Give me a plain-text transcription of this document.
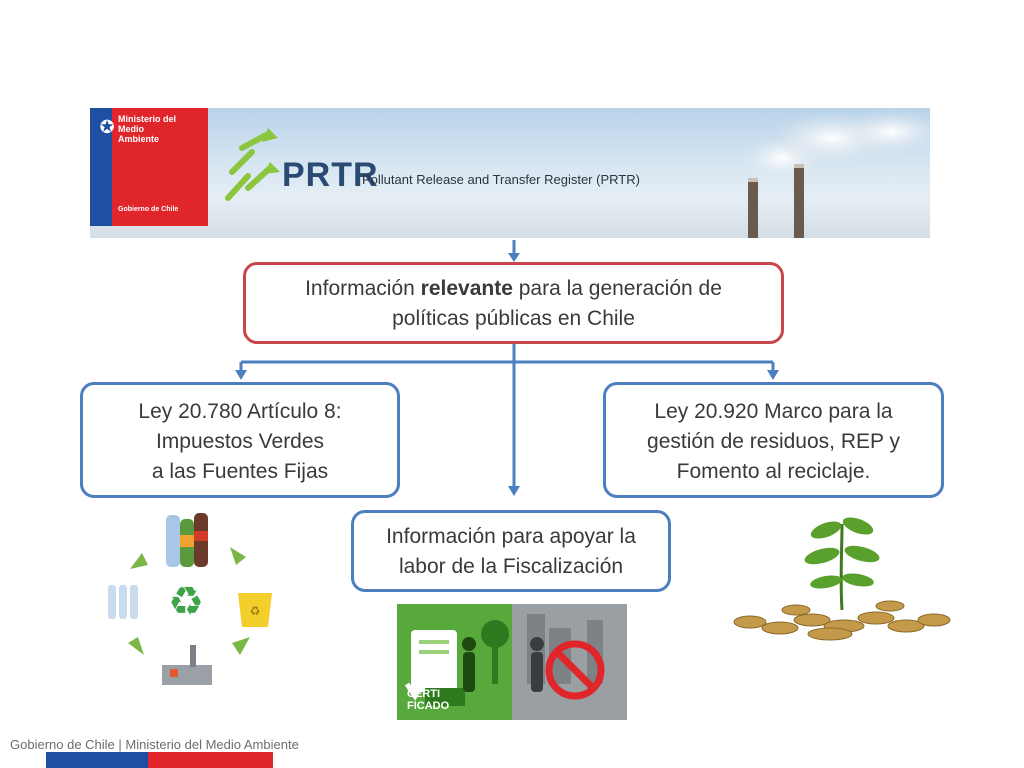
✪ Ministerio del
Medio
Ambiente
Gobierno de Chile
PRTR
Pollutant Release and Transfer Register (PRTR)
Información relevante para la generación de
políticas públicas en Chile
Ley 20.780 Artículo 8:
Impuestos Verdes
a las Fuentes Fijas
Ley 20.920 Marco para la
gestión de residuos, REP y
Fomento al reciclaje.
Información para apoyar la
labor de la Fiscalización
♻
♻
CERTI
FICADO
Gobierno de Chile | Ministerio del Medio Ambiente
